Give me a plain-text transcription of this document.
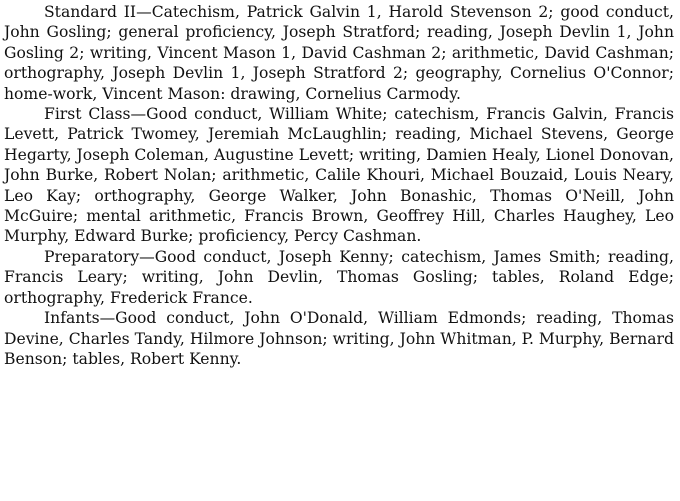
Standard II—Catechism, Patrick Galvin 1, Harold Stevenson 2; good conduct, John Gosling; general proficiency, Joseph Stratford; reading, Joseph Devlin 1, John Gosling 2; writing, Vincent Mason 1, David Cashman 2; arithmetic, David Cashman; orthography, Joseph Devlin 1, Joseph Stratford 2; geography, Cornelius O'Connor; home-work, Vincent Mason: drawing, Cornelius Carmody.

First Class—Good conduct, William White; catechism, Francis Galvin, Francis Levett, Patrick Twomey, Jeremiah McLaughlin; reading, Michael Stevens, George Hegarty, Joseph Coleman, Augustine Levett; writing, Damien Healy, Lionel Donovan, John Burke, Robert Nolan; arithmetic, Calile Khouri, Michael Bouzaid, Louis Neary, Leo Kay; orthography, George Walker, John Bonashic, Thomas O'Neill, John McGuire; mental arithmetic, Francis Brown, Geoffrey Hill, Charles Haughey, Leo Murphy, Edward Burke; proficiency, Percy Cashman.

Preparatory—Good conduct, Joseph Kenny; catechism, James Smith; reading, Francis Leary; writing, John Devlin, Thomas Gosling; tables, Roland Edge; orthography, Frederick France.

Infants—Good conduct, John O'Donald, William Edmonds; reading, Thomas Devine, Charles Tandy, Hilmore Johnson; writing, John Whitman, P. Murphy, Bernard Benson; tables, Robert Kenny.
